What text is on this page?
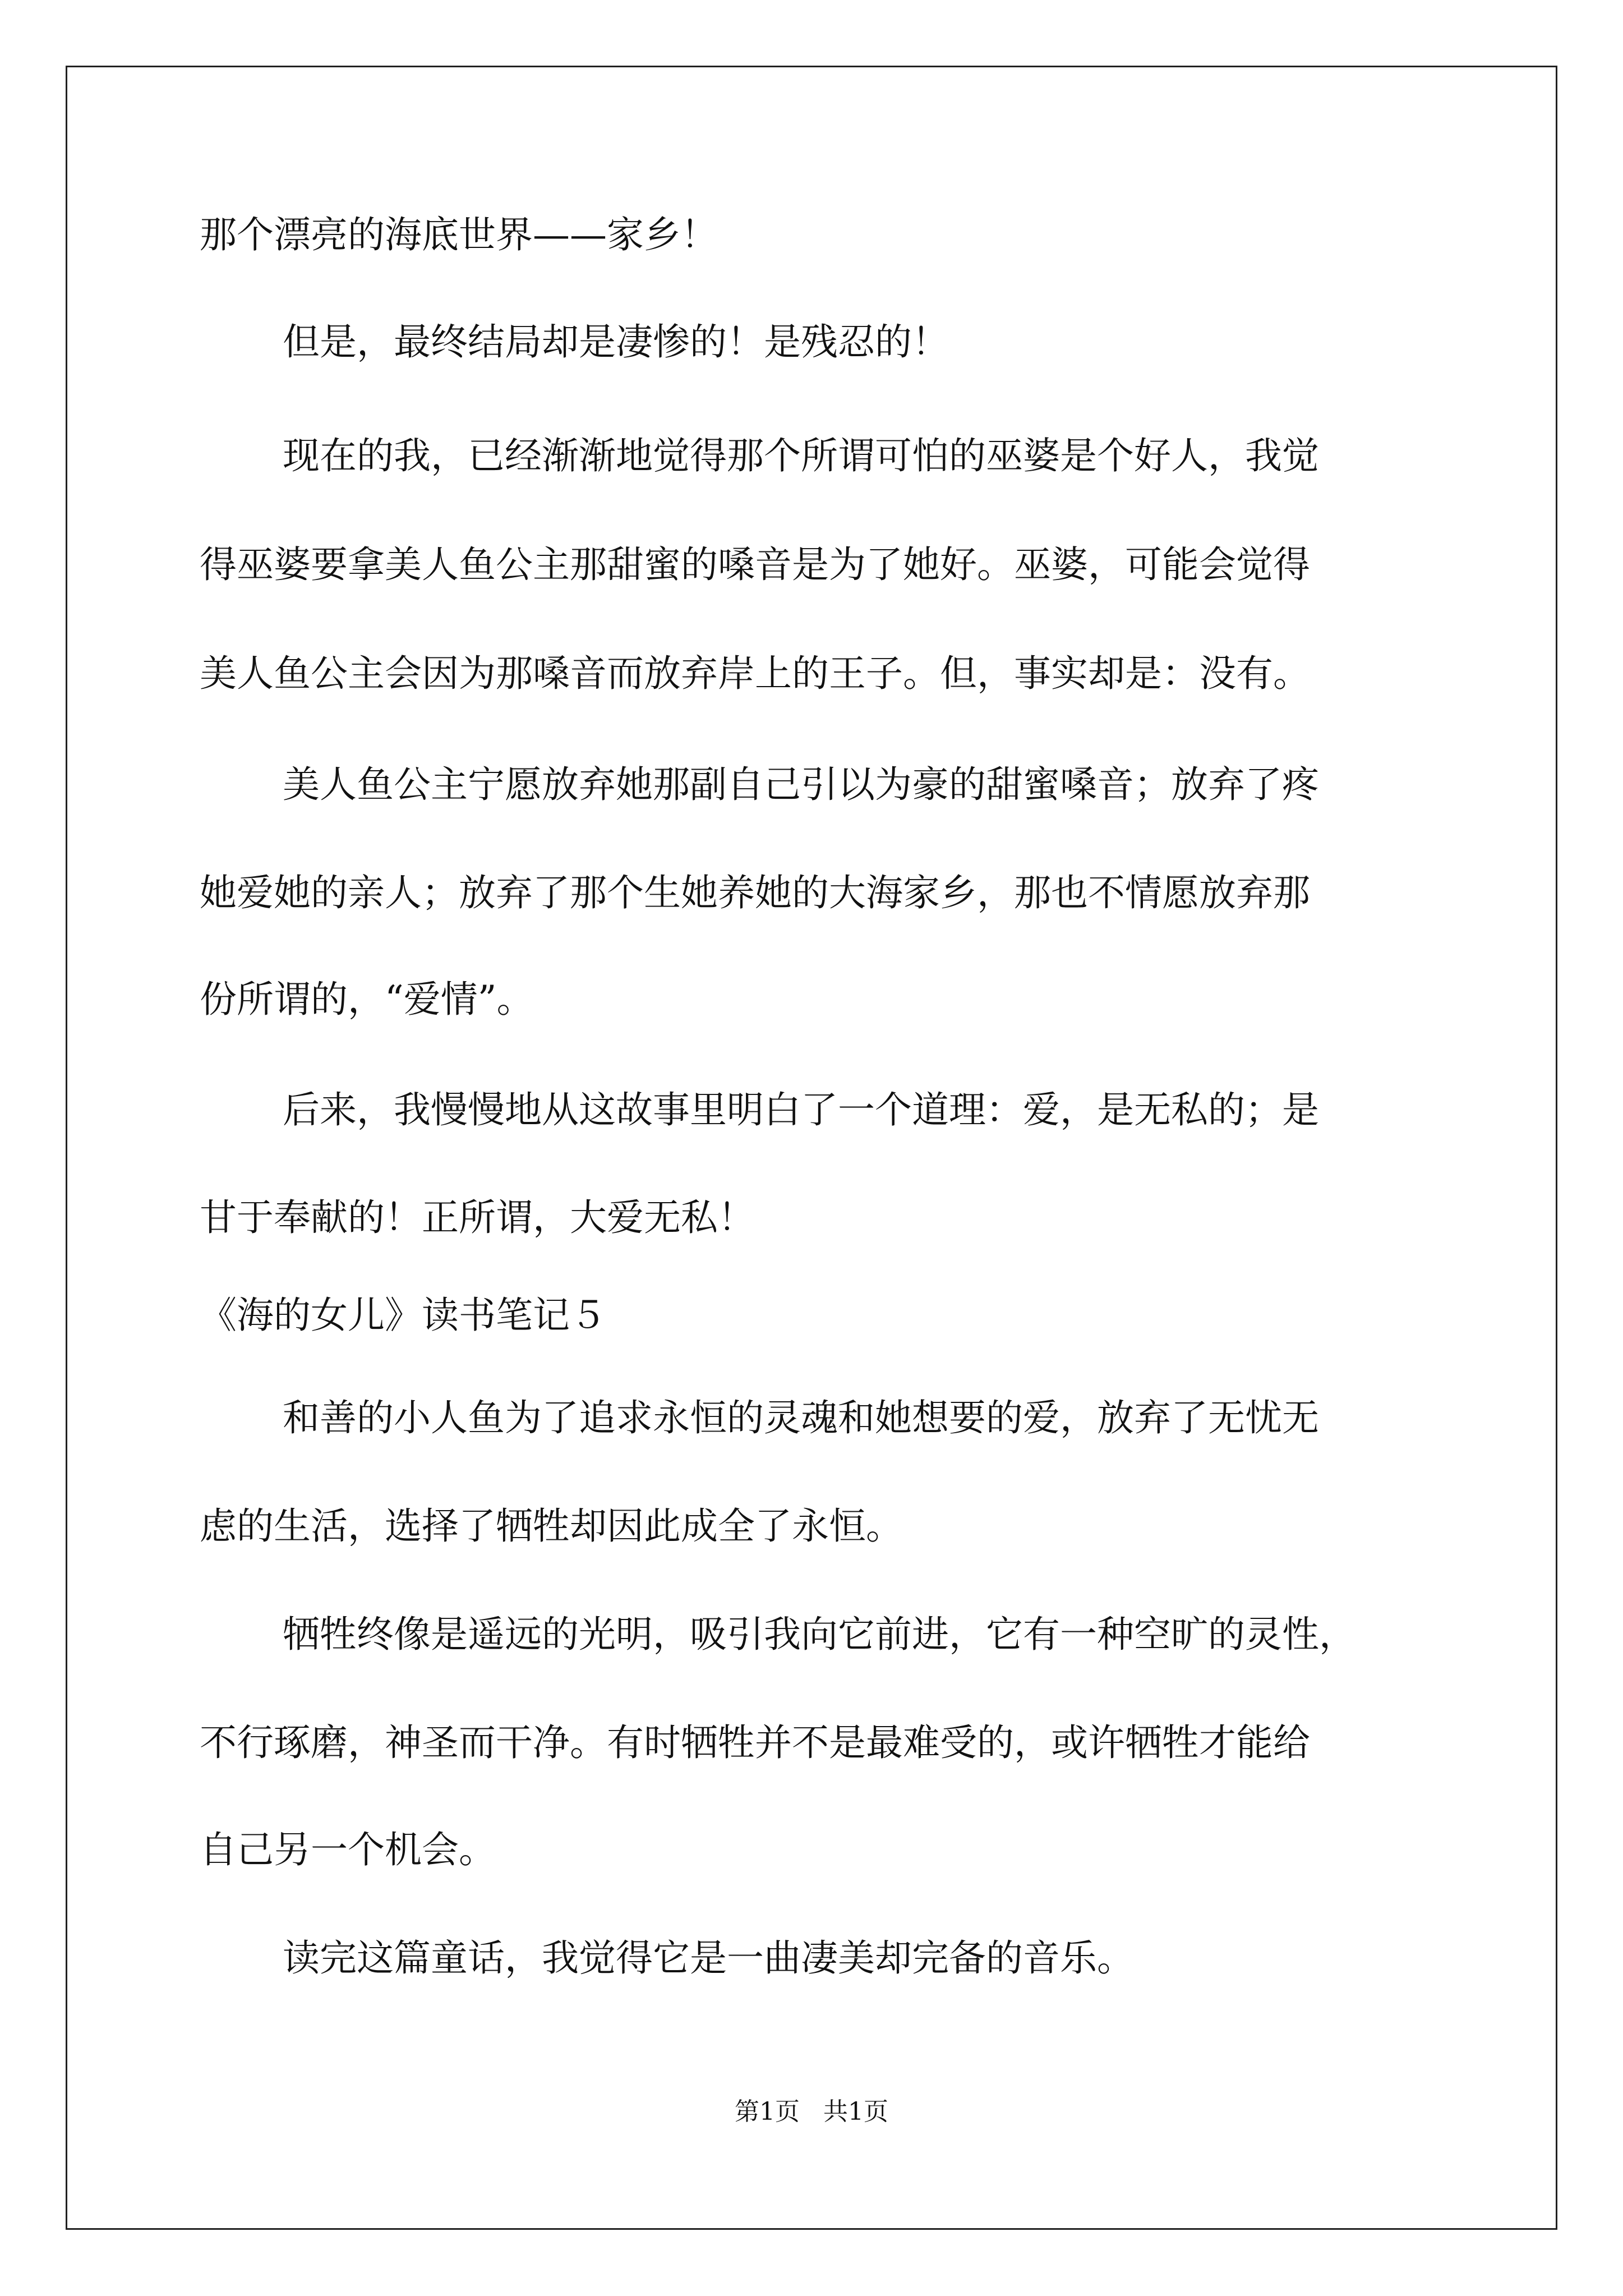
那个漂亮的海底世界——家乡！
但是，最终结局却是凄惨的！是残忍的！
现在的我，已经渐渐地觉得那个所谓可怕的巫婆是个好人，我觉
得巫婆要拿美人鱼公主那甜蜜的嗓音是为了她好。巫婆，可能会觉得
美人鱼公主会因为那嗓音而放弃岸上的王子。但，事实却是：没有。
美人鱼公主宁愿放弃她那副自己引以为豪的甜蜜嗓音；放弃了疼
她爱她的亲人；放弃了那个生她养她的大海家乡，那也不情愿放弃那
份所谓的，“爱情”。
后来，我慢慢地从这故事里明白了一个道理：爱，是无私的；是
甘于奉献的！正所谓，大爱无私！
《海的女儿》读书笔记５
和善的小人鱼为了追求永恒的灵魂和她想要的爱，放弃了无忧无
虑的生活，选择了牺牲却因此成全了永恒。
牺牲终像是遥远的光明，吸引我向它前进，它有一种空旷的灵性，
不行琢磨，神圣而干净。有时牺牲并不是最难受的，或许牺牲才能给
自己另一个机会。
读完这篇童话，我觉得它是一曲凄美却完备的音乐。
第1页   共1页
